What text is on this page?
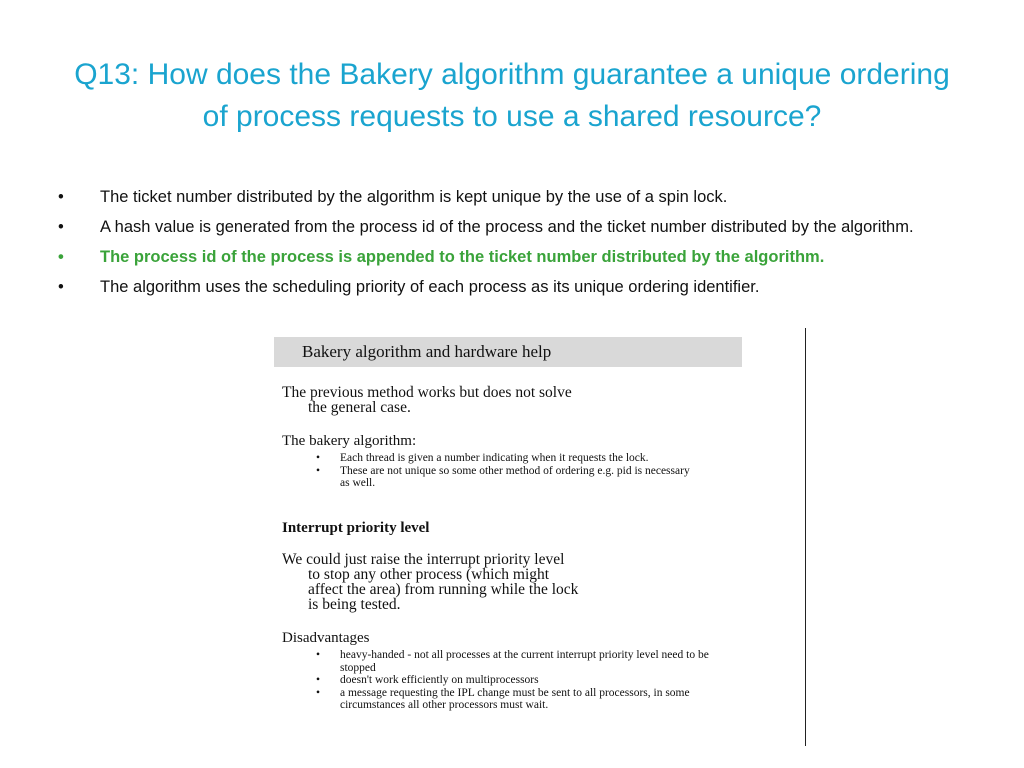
Q13: How does the Bakery algorithm guarantee a unique ordering of process requests to use a shared resource?
• The ticket number distributed by the algorithm is kept unique by the use of a spin lock.
• A hash value is generated from the process id of the process and the ticket number distributed by the algorithm.
• The process id of the process is appended to the ticket number distributed by the algorithm.
• The algorithm uses the scheduling priority of each process as its unique ordering identifier.
Bakery algorithm and hardware help
The previous method works but does not solve
the general case.
The bakery algorithm:
• Each thread is given a number indicating when it requests the lock.
• These are not unique so some other method of ordering e.g. pid is necessary as well.
Interrupt priority level
We could just raise the interrupt priority level
to stop any other process (which might
affect the area) from running while the lock
is being tested.
Disadvantages
• heavy-handed - not all processes at the current interrupt priority level need to be stopped
• doesn't work efficiently on multiprocessors
• a message requesting the IPL change must be sent to all processors, in some circumstances all other processors must wait.
